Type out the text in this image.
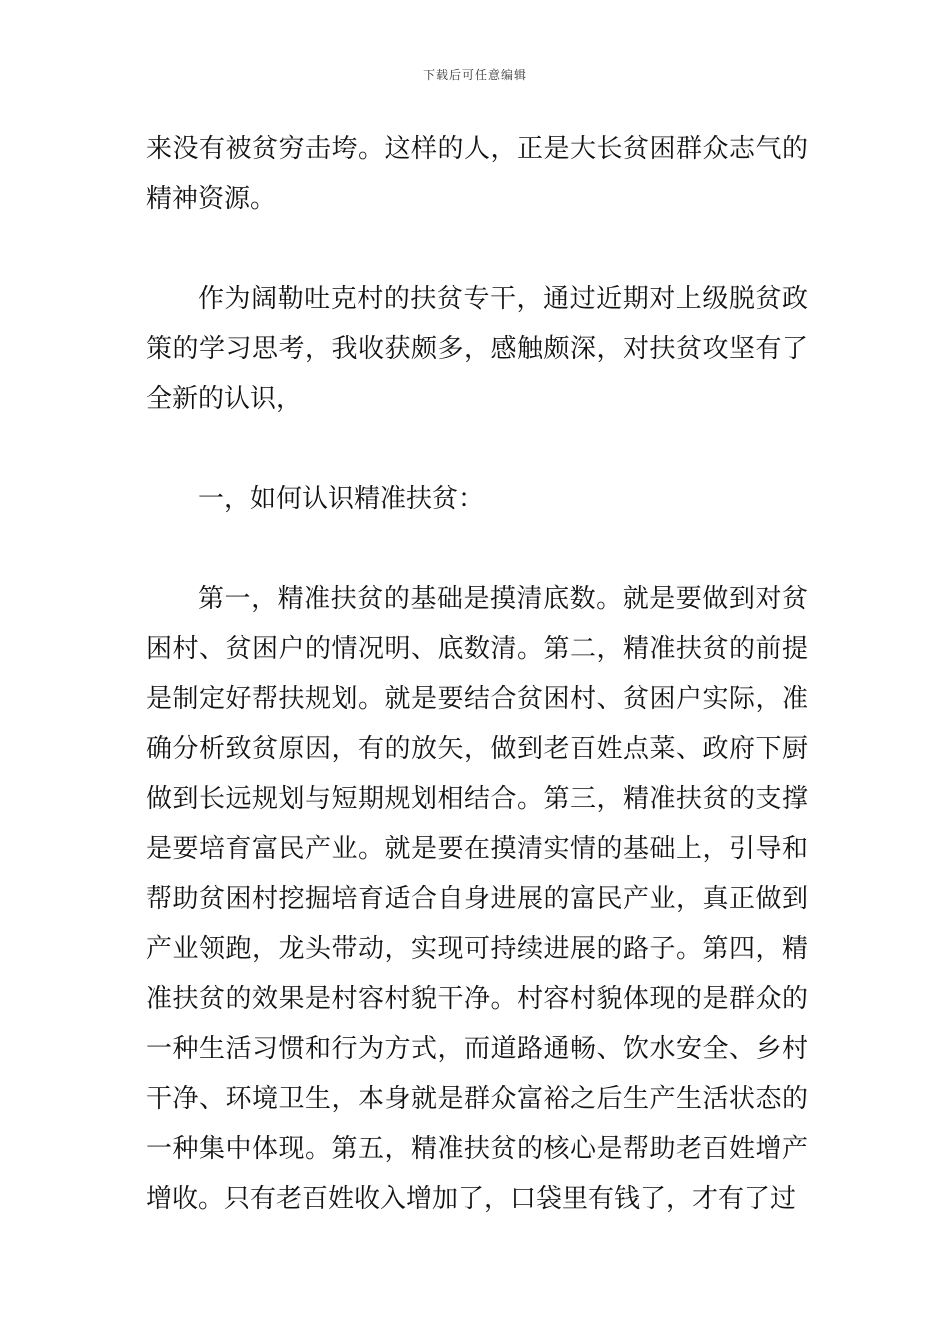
下载后可任意编辑

来没有被贫穷击垮。这样的人，正是大长贫困群众志气的精神资源。

作为阔勒吐克村的扶贫专干，通过近期对上级脱贫政策的学习思考，我收获颇多，感触颇深，对扶贫攻坚有了全新的认识，

一，如何认识精准扶贫：

第一，精准扶贫的基础是摸清底数。就是要做到对贫困村、贫困户的情况明、底数清。第二，精准扶贫的前提是制定好帮扶规划。就是要结合贫困村、贫困户实际，准确分析致贫原因，有的放矢，做到老百姓点菜、政府下厨做到长远规划与短期规划相结合。第三，精准扶贫的支撑是要培育富民产业。就是要在摸清实情的基础上，引导和帮助贫困村挖掘培育适合自身进展的富民产业，真正做到产业领跑，龙头带动，实现可持续进展的路子。第四，精准扶贫的效果是村容村貌干净。村容村貌体现的是群众的一种生活习惯和行为方式，而道路通畅、饮水安全、乡村干净、环境卫生，本身就是群众富裕之后生产生活状态的一种集中体现。第五，精准扶贫的核心是帮助老百姓增产增收。只有老百姓收入增加了，口袋里有钱了，才有了过
